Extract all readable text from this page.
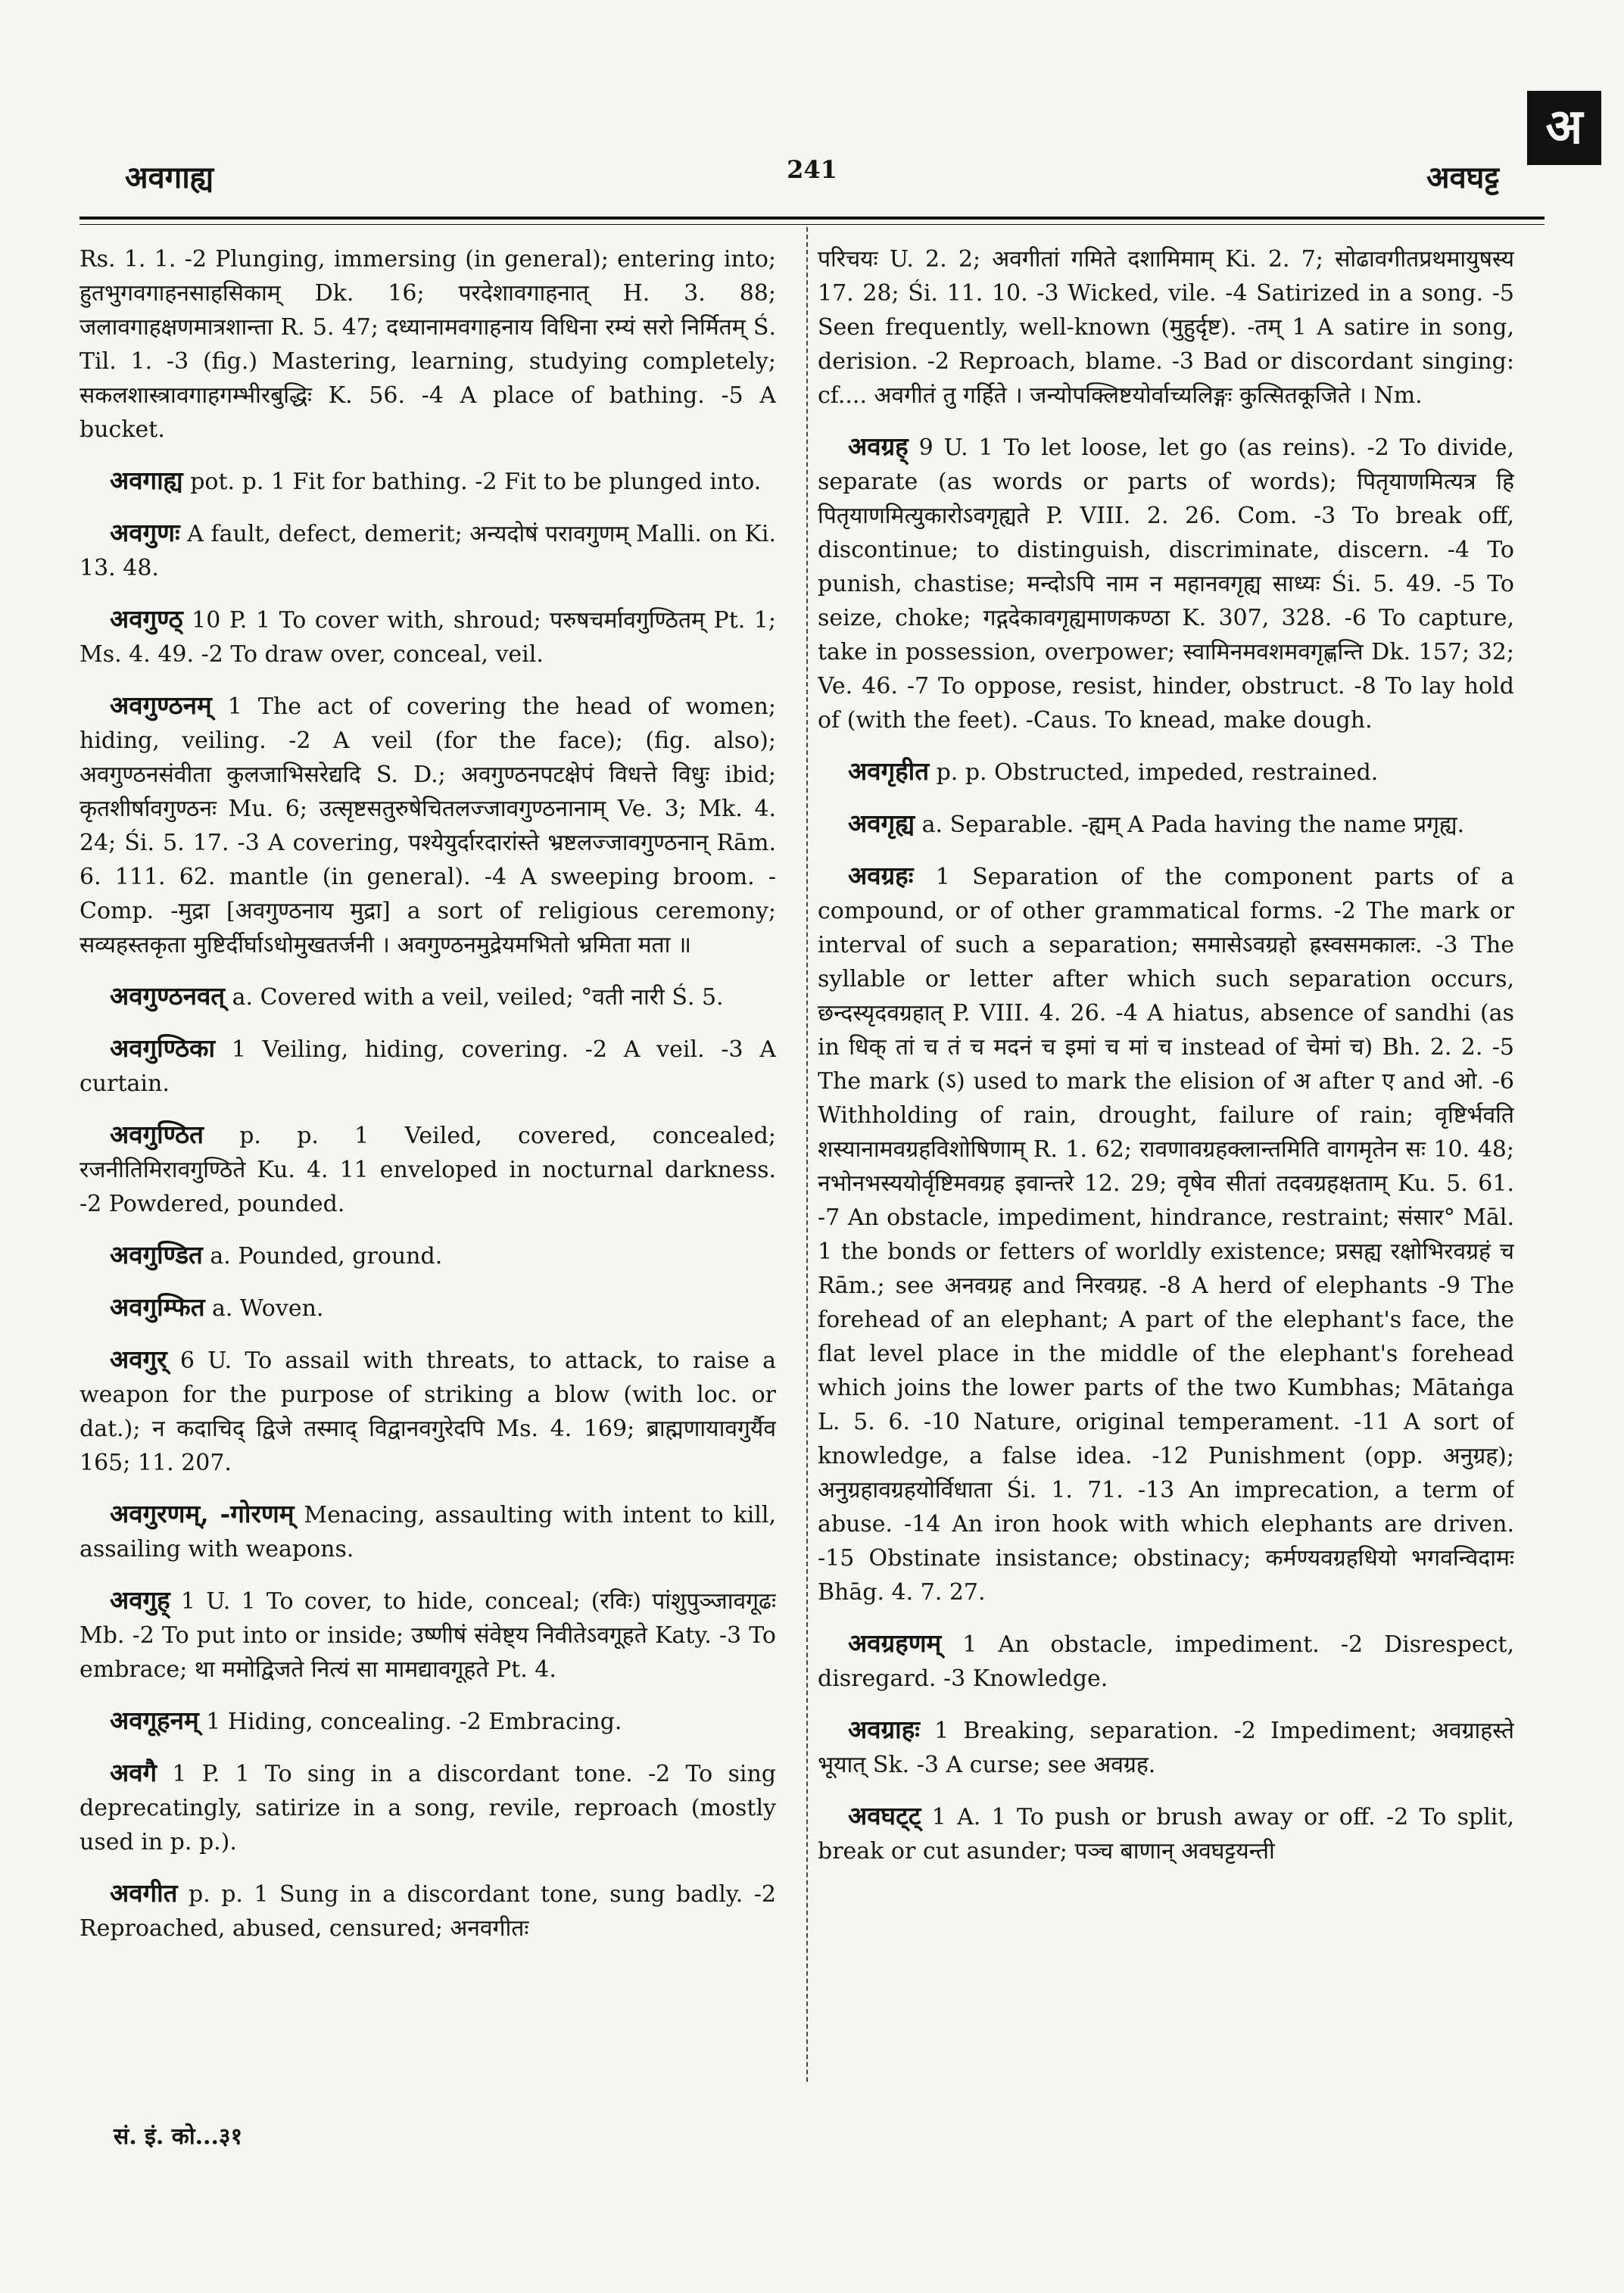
अ
अवगाह्य	241	अवघट्ट

Rs. 1. 1. -2 Plunging, immersing (in general); entering into; हुतभुगवगाहनसाहसिकाम् Dk. 16; परदेशावगाहनात् H. 3. 88; जलावगाहक्षणमात्रशान्ता R. 5. 47; दध्यानामवगाहनाय विधिना रम्यं सरो निर्मितम् Ś. Til. 1. -3 (fig.) Mastering, learning, studying completely; सकलशास्त्रावगाहगम्भीरबुद्धिः K. 56. -4 A place of bathing. -5 A bucket.

अवगाह्य pot. p. 1 Fit for bathing. -2 Fit to be plunged into.

अवगुणः A fault, defect, demerit; अन्यदोषं परावगुणम् Malli. on Ki. 13. 48.

अवगुण्ठ् 10 P. 1 To cover with, shroud; परुषचर्मावगुण्ठितम् Pt. 1; Ms. 4. 49. -2 To draw over, conceal, veil.

अवगुण्ठनम् 1 The act of covering the head of women; hiding, veiling. -2 A veil (for the face); (fig. also); अवगुण्ठनसंवीता कुलजाभिसरेद्यदि S. D.; अवगुण्ठनपटक्षेपं विधत्ते विधुः ibid; कृतशीर्षावगुण्ठनः Mu. 6; उत्सृष्टसतुरुषेचितलज्जावगुण्ठनानाम् Ve. 3; Mk. 4. 24; Śi. 5. 17. -3 A covering, पश्येयुर्दारदारांस्ते भ्रष्टलज्जावगुण्ठनान् Rām. 6. 111. 62. mantle (in general). -4 A sweeping broom. -Comp. -मुद्रा [अवगुण्ठनाय मुद्रा] a sort of religious ceremony; सव्यहस्तकृता मुष्टिर्दीर्घाऽधोमुखतर्जनी । अवगुण्ठनमुद्रेयमभितो भ्रमिता मता ॥

अवगुण्ठनवत् a. Covered with a veil, veiled; °वती नारी Ś. 5.

अवगुण्ठिका 1 Veiling, hiding, covering. -2 A veil. -3 A curtain.

अवगुण्ठित p. p. 1 Veiled, covered, concealed; रजनीतिमिरावगुण्ठिते Ku. 4. 11 enveloped in nocturnal darkness. -2 Powdered, pounded.

अवगुण्डित a. Pounded, ground.

अवगुम्फित a. Woven.

अवगुर् 6 U. To assail with threats, to attack, to raise a weapon for the purpose of striking a blow (with loc. or dat.); न कदाचिद् द्विजे तस्माद् विद्वानवगुरेदपि Ms. 4. 169; ब्राह्मणायावगुर्यैव 165; 11. 207.

अवगुरणम्, -गोरणम् Menacing, assaulting with intent to kill, assailing with weapons.

अवगुह् 1 U. 1 To cover, to hide, conceal; (रविः) पांशुपुञ्जावगूढः Mb. -2 To put into or inside; उष्णीषं संवेष्ट्य निवीतेऽवगूहते Katy. -3 To embrace; था ममोद्विजते नित्यं सा मामद्यावगूहते Pt. 4.

अवगूहनम् 1 Hiding, concealing. -2 Embracing.

अवगै 1 P. 1 To sing in a discordant tone. -2 To sing deprecatingly, satirize in a song, revile, reproach (mostly used in p. p.).

अवगीत p. p. 1 Sung in a discordant tone, sung badly. -2 Reproached, abused, censured; अनवगीतः

परिचयः U. 2. 2; अवगीतां गमिते दशामिमाम् Ki. 2. 7; सोढावगीतप्रथमायुषस्य 17. 28; Śi. 11. 10. -3 Wicked, vile. -4 Satirized in a song. -5 Seen frequently, well-known (मुहुर्दृष्ट). -तम् 1 A satire in song, derision. -2 Reproach, blame. -3 Bad or discordant singing: cf.... अवगीतं तु गर्हिते । जन्योपक्लिष्टयोर्वाच्यलिङ्गः कुत्सितकूजिते । Nm.

अवग्रह् 9 U. 1 To let loose, let go (as reins). -2 To divide, separate (as words or parts of words); पितृयाणमित्यत्र हि पितृयाणमित्युकारोऽवगृह्यते P. VIII. 2. 26. Com. -3 To break off, discontinue; to distinguish, discriminate, discern. -4 To punish, chastise; मन्दोऽपि नाम न महानवगृह्य साध्यः Śi. 5. 49. -5 To seize, choke; गद्गदेकावगृह्यमाणकण्ठा K. 307, 328. -6 To capture, take in possession, overpower; स्वामिनमवशमवगृह्णन्ति Dk. 157; 32; Ve. 46. -7 To oppose, resist, hinder, obstruct. -8 To lay hold of (with the feet). -Caus. To knead, make dough.

अवगृहीत p. p. Obstructed, impeded, restrained.

अवगृह्य a. Separable. -ह्यम् A Pada having the name प्रगृह्य.

अवग्रहः 1 Separation of the component parts of a compound, or of other grammatical forms. -2 The mark or interval of such a separation; समासेऽवग्रहो ह्रस्वसमकालः. -3 The syllable or letter after which such separation occurs, छन्दस्यृदवग्रहात् P. VIII. 4. 26. -4 A hiatus, absence of sandhi (as in धिक् तां च तं च मदनं च इमां च मां च instead of चेमां च) Bh. 2. 2. -5 The mark (ऽ) used to mark the elision of अ after ए and ओ. -6 Withholding of rain, drought, failure of rain; वृष्टिर्भवति शस्यानामवग्रहविशोषिणाम् R. 1. 62; रावणावग्रहक्लान्तमिति वागमृतेन सः 10. 48; नभोनभस्ययोर्वृष्टिमवग्रह इवान्तरे 12. 29; वृषेव सीतां तदवग्रहक्षताम् Ku. 5. 61. -7 An obstacle, impediment, hindrance, restraint; संसार° Māl. 1 the bonds or fetters of worldly existence; प्रसह्य रक्षोभिरवग्रहं च Rām.; see अनवग्रह and निरवग्रह. -8 A herd of elephants -9 The forehead of an elephant; A part of the elephant's face, the flat level place in the middle of the elephant's forehead which joins the lower parts of the two Kumbhas; Mātaṅga L. 5. 6. -10 Nature, original temperament. -11 A sort of knowledge, a false idea. -12 Punishment (opp. अनुग्रह); अनुग्रहावग्रहयोर्विधाता Śi. 1. 71. -13 An imprecation, a term of abuse. -14 An iron hook with which elephants are driven. -15 Obstinate insistance; obstinacy; कर्मण्यवग्रहधियो भगवन्विदामः Bhāg. 4. 7. 27.

अवग्रहणम् 1 An obstacle, impediment. -2 Disrespect, disregard. -3 Knowledge.

अवग्राहः 1 Breaking, separation. -2 Impediment; अवग्राहस्ते भूयात् Sk. -3 A curse; see अवग्रह.

अवघट्ट् 1 A. 1 To push or brush away or off. -2 To split, break or cut asunder; पञ्च बाणान् अवघट्टयन्ती

सं. इं. को...३१
